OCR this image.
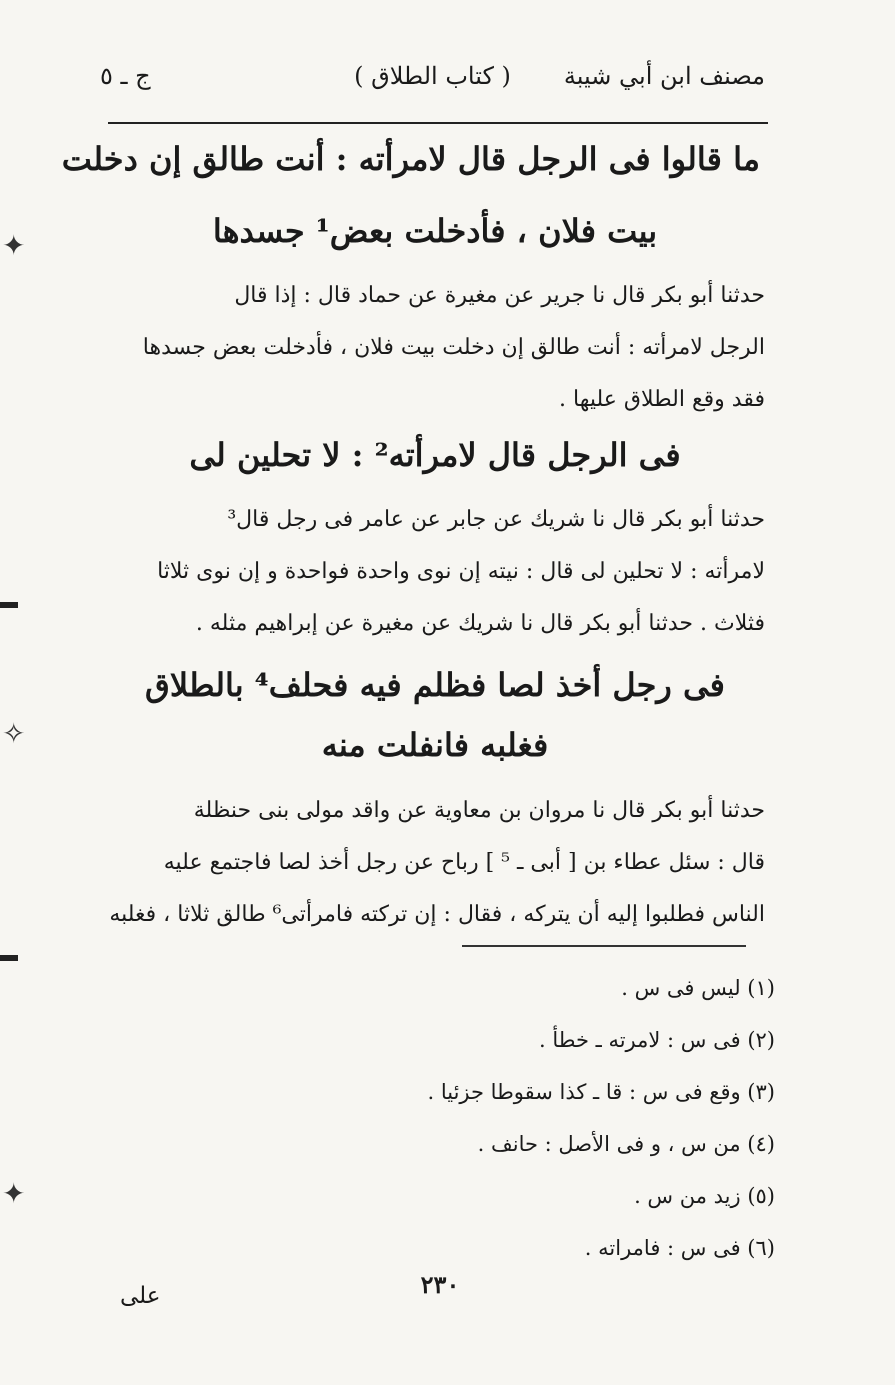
مصنف ابن أبي شيبة
( كتاب الطلاق )
ج ـ ٥
ما قالوا فى الرجل قال لامرأته : أنت طالق إن دخلت
بيت فلان ، فأدخلت بعض¹ جسدها

حدثنا أبو بكر قال نا جرير عن مغيرة عن حماد قال : إذا قال

الرجل لامرأته : أنت طالق إن دخلت بيت فلان ، فأدخلت بعض جسدها

فقد وقع الطلاق عليها .

فى الرجل قال لامرأته² : لا تحلين لى

حدثنا أبو بكر قال نا شريك عن جابر عن عامر فى رجل قال³

لامرأته : لا تحلين لى قال : نيته إن نوى واحدة فواحدة و إن نوى ثلاثا

فثلاث . حدثنا أبو بكر قال نا شريك عن مغيرة عن إبراهيم مثله .

فى رجل أخذ لصا فظلم فيه فحلف⁴ بالطلاق
فغلبه فانفلت منه

حدثنا أبو بكر قال نا مروان بن معاوية عن واقد مولى بنى حنظلة

قال : سئل عطاء بن [ أبى ـ ⁵ ] رباح عن رجل أخذ لصا فاجتمع عليه

الناس فطلبوا إليه أن يتركه ، فقال : إن تركته فامرأتى⁶ طالق ثلاثا ، فغلبه

(١) ليس فى س .
(٢) فى س : لامرته ـ خطأ .
(٣) وقع فى س : قا ـ كذا سقوطا جزئيا .
(٤) من س ، و فى الأصل : حانف .
(٥) زيد من س .
(٦) فى س : فامراته .
٢٣٠
على
✦
✧
✦
